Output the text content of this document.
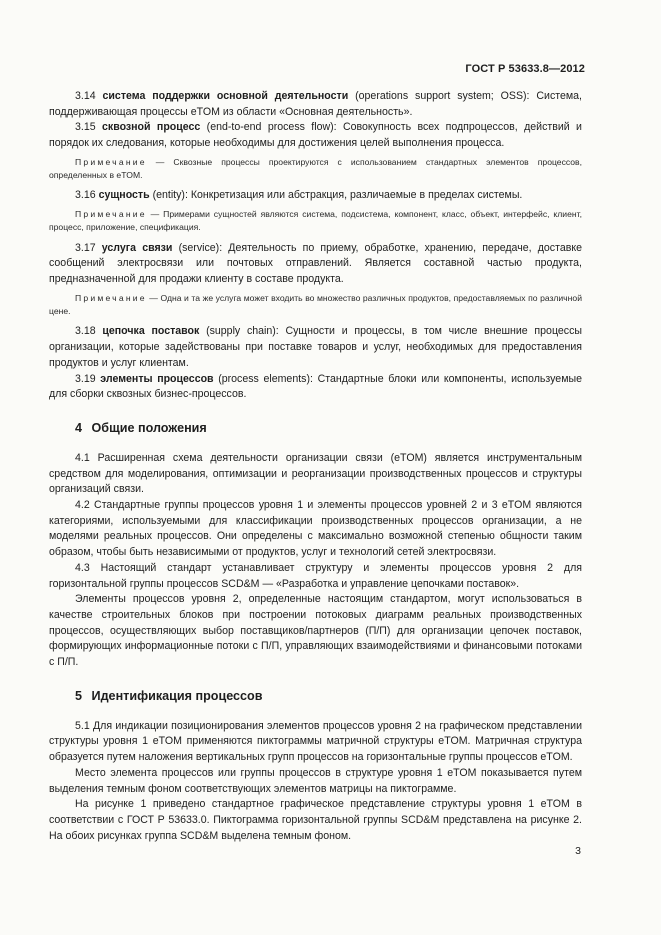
ГОСТ Р 53633.8—2012

3.14 система поддержки основной деятельности (operations support system; OSS): Система, поддерживающая процессы eTOM из области «Основная деятельность».

3.15 сквозной процесс (end-to-end process flow): Совокупность всех подпроцессов, действий и порядок их следования, которые необходимы для достижения целей выполнения процесса.

Примечание — Сквозные процессы проектируются с использованием стандартных элементов процессов, определенных в eTOM.

3.16 сущность (entity): Конкретизация или абстракция, различаемые в пределах системы.

Примечание — Примерами сущностей являются система, подсистема, компонент, класс, объект, интерфейс, клиент, процесс, приложение, спецификация.

3.17 услуга связи (service): Деятельность по приему, обработке, хранению, передаче, доставке сообщений электросвязи или почтовых отправлений. Является составной частью продукта, предназначенной для продажи клиенту в составе продукта.

Примечание — Одна и та же услуга может входить во множество различных продуктов, предоставляемых по различной цене.

3.18 цепочка поставок (supply chain): Сущности и процессы, в том числе внешние процессы организации, которые задействованы при поставке товаров и услуг, необходимых для предоставления продуктов и услуг клиентам.

3.19 элементы процессов (process elements): Стандартные блоки или компоненты, используемые для сборки сквозных бизнес-процессов.

4 Общие положения

4.1 Расширенная схема деятельности организации связи (eTOM) является инструментальным средством для моделирования, оптимизации и реорганизации производственных процессов и структуры организаций связи.

4.2 Стандартные группы процессов уровня 1 и элементы процессов уровней 2 и 3 eTOM являются категориями, используемыми для классификации производственных процессов организации, а не моделями реальных процессов. Они определены с максимально возможной степенью общности таким образом, чтобы быть независимыми от продуктов, услуг и технологий сетей электросвязи.

4.3 Настоящий стандарт устанавливает структуру и элементы процессов уровня 2 для горизонтальной группы процессов SCD&M — «Разработка и управление цепочками поставок».

Элементы процессов уровня 2, определенные настоящим стандартом, могут использоваться в качестве строительных блоков при построении потоковых диаграмм реальных производственных процессов, осуществляющих выбор поставщиков/партнеров (П/П) для организации цепочек поставок, формирующих информационные потоки с П/П, управляющих взаимодействиями и финансовыми потоками с П/П.

5 Идентификация процессов

5.1 Для индикации позиционирования элементов процессов уровня 2 на графическом представлении структуры уровня 1 eTOM применяются пиктограммы матричной структуры eTOM. Матричная структура образуется путем наложения вертикальных групп процессов на горизонтальные группы процессов eTOM.

Место элемента процессов или группы процессов в структуре уровня 1 eTOM показывается путем выделения темным фоном соответствующих элементов матрицы на пиктограмме.

На рисунке 1 приведено стандартное графическое представление структуры уровня 1 eTOM в соответствии с ГОСТ Р 53633.0. Пиктограмма горизонтальной группы SCD&M представлена на рисунке 2. На обоих рисунках группа SCD&M выделена темным фоном.

3
